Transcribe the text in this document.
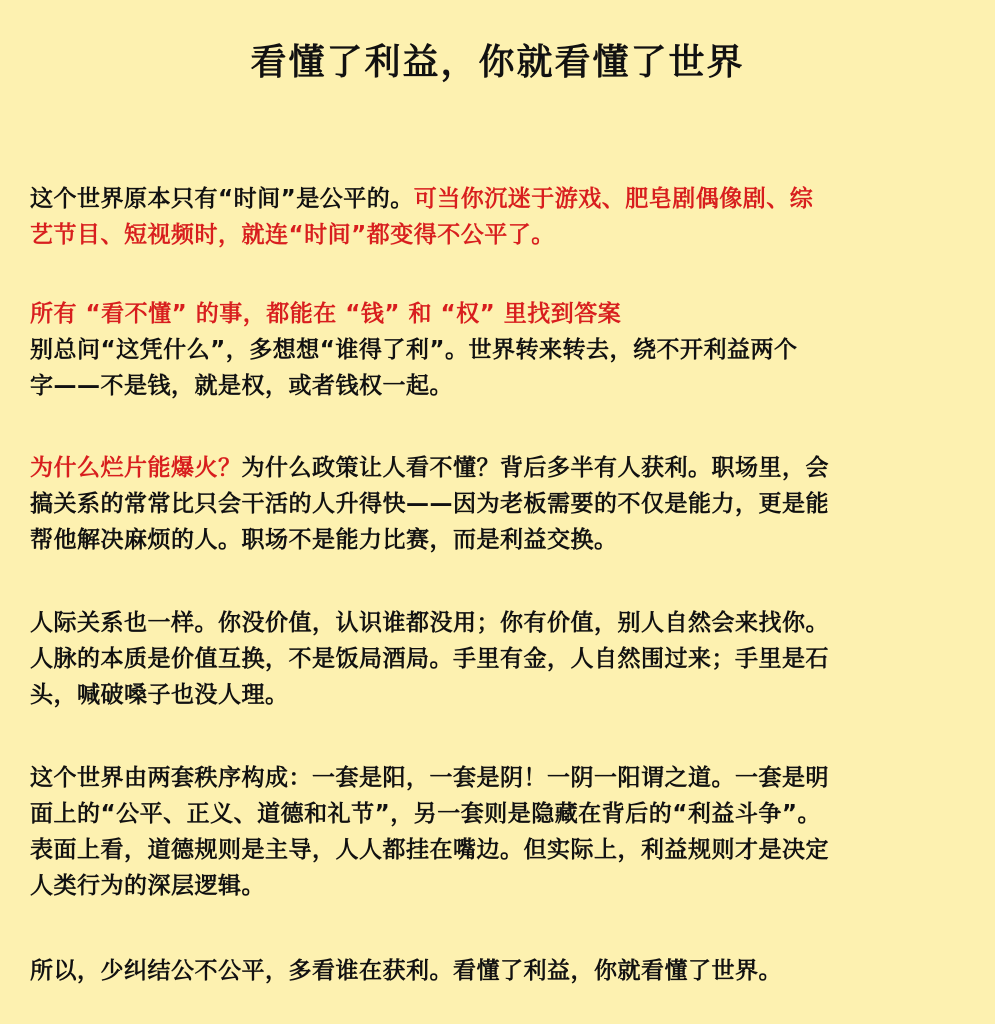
看懂了利益，你就看懂了世界
这个世界原本只有“时间”是公平的。可当你沉迷于游戏、肥皂剧偶像剧、综
艺节目、短视频时，就连“时间”都变得不公平了。
所有 “看不懂” 的事，都能在 “钱” 和 “权” 里找到答案
别总问“这凭什么”，多想想“谁得了利”。世界转来转去，绕不开利益两个
字——不是钱，就是权，或者钱权一起。
为什么烂片能爆火？为什么政策让人看不懂？背后多半有人获利。职场里，会
搞关系的常常比只会干活的人升得快——因为老板需要的不仅是能力，更是能
帮他解决麻烦的人。职场不是能力比赛，而是利益交换。
人际关系也一样。你没价值，认识谁都没用；你有价值，别人自然会来找你。
人脉的本质是价值互换，不是饭局酒局。手里有金，人自然围过来；手里是石
头，喊破嗓子也没人理。
这个世界由两套秩序构成：一套是阳，一套是阴！一阴一阳谓之道。一套是明
面上的“公平、正义、道德和礼节”，另一套则是隐藏在背后的“利益斗争”。
表面上看，道德规则是主导，人人都挂在嘴边。但实际上，利益规则才是决定
人类行为的深层逻辑。
所以，少纠结公不公平，多看谁在获利。看懂了利益，你就看懂了世界。
